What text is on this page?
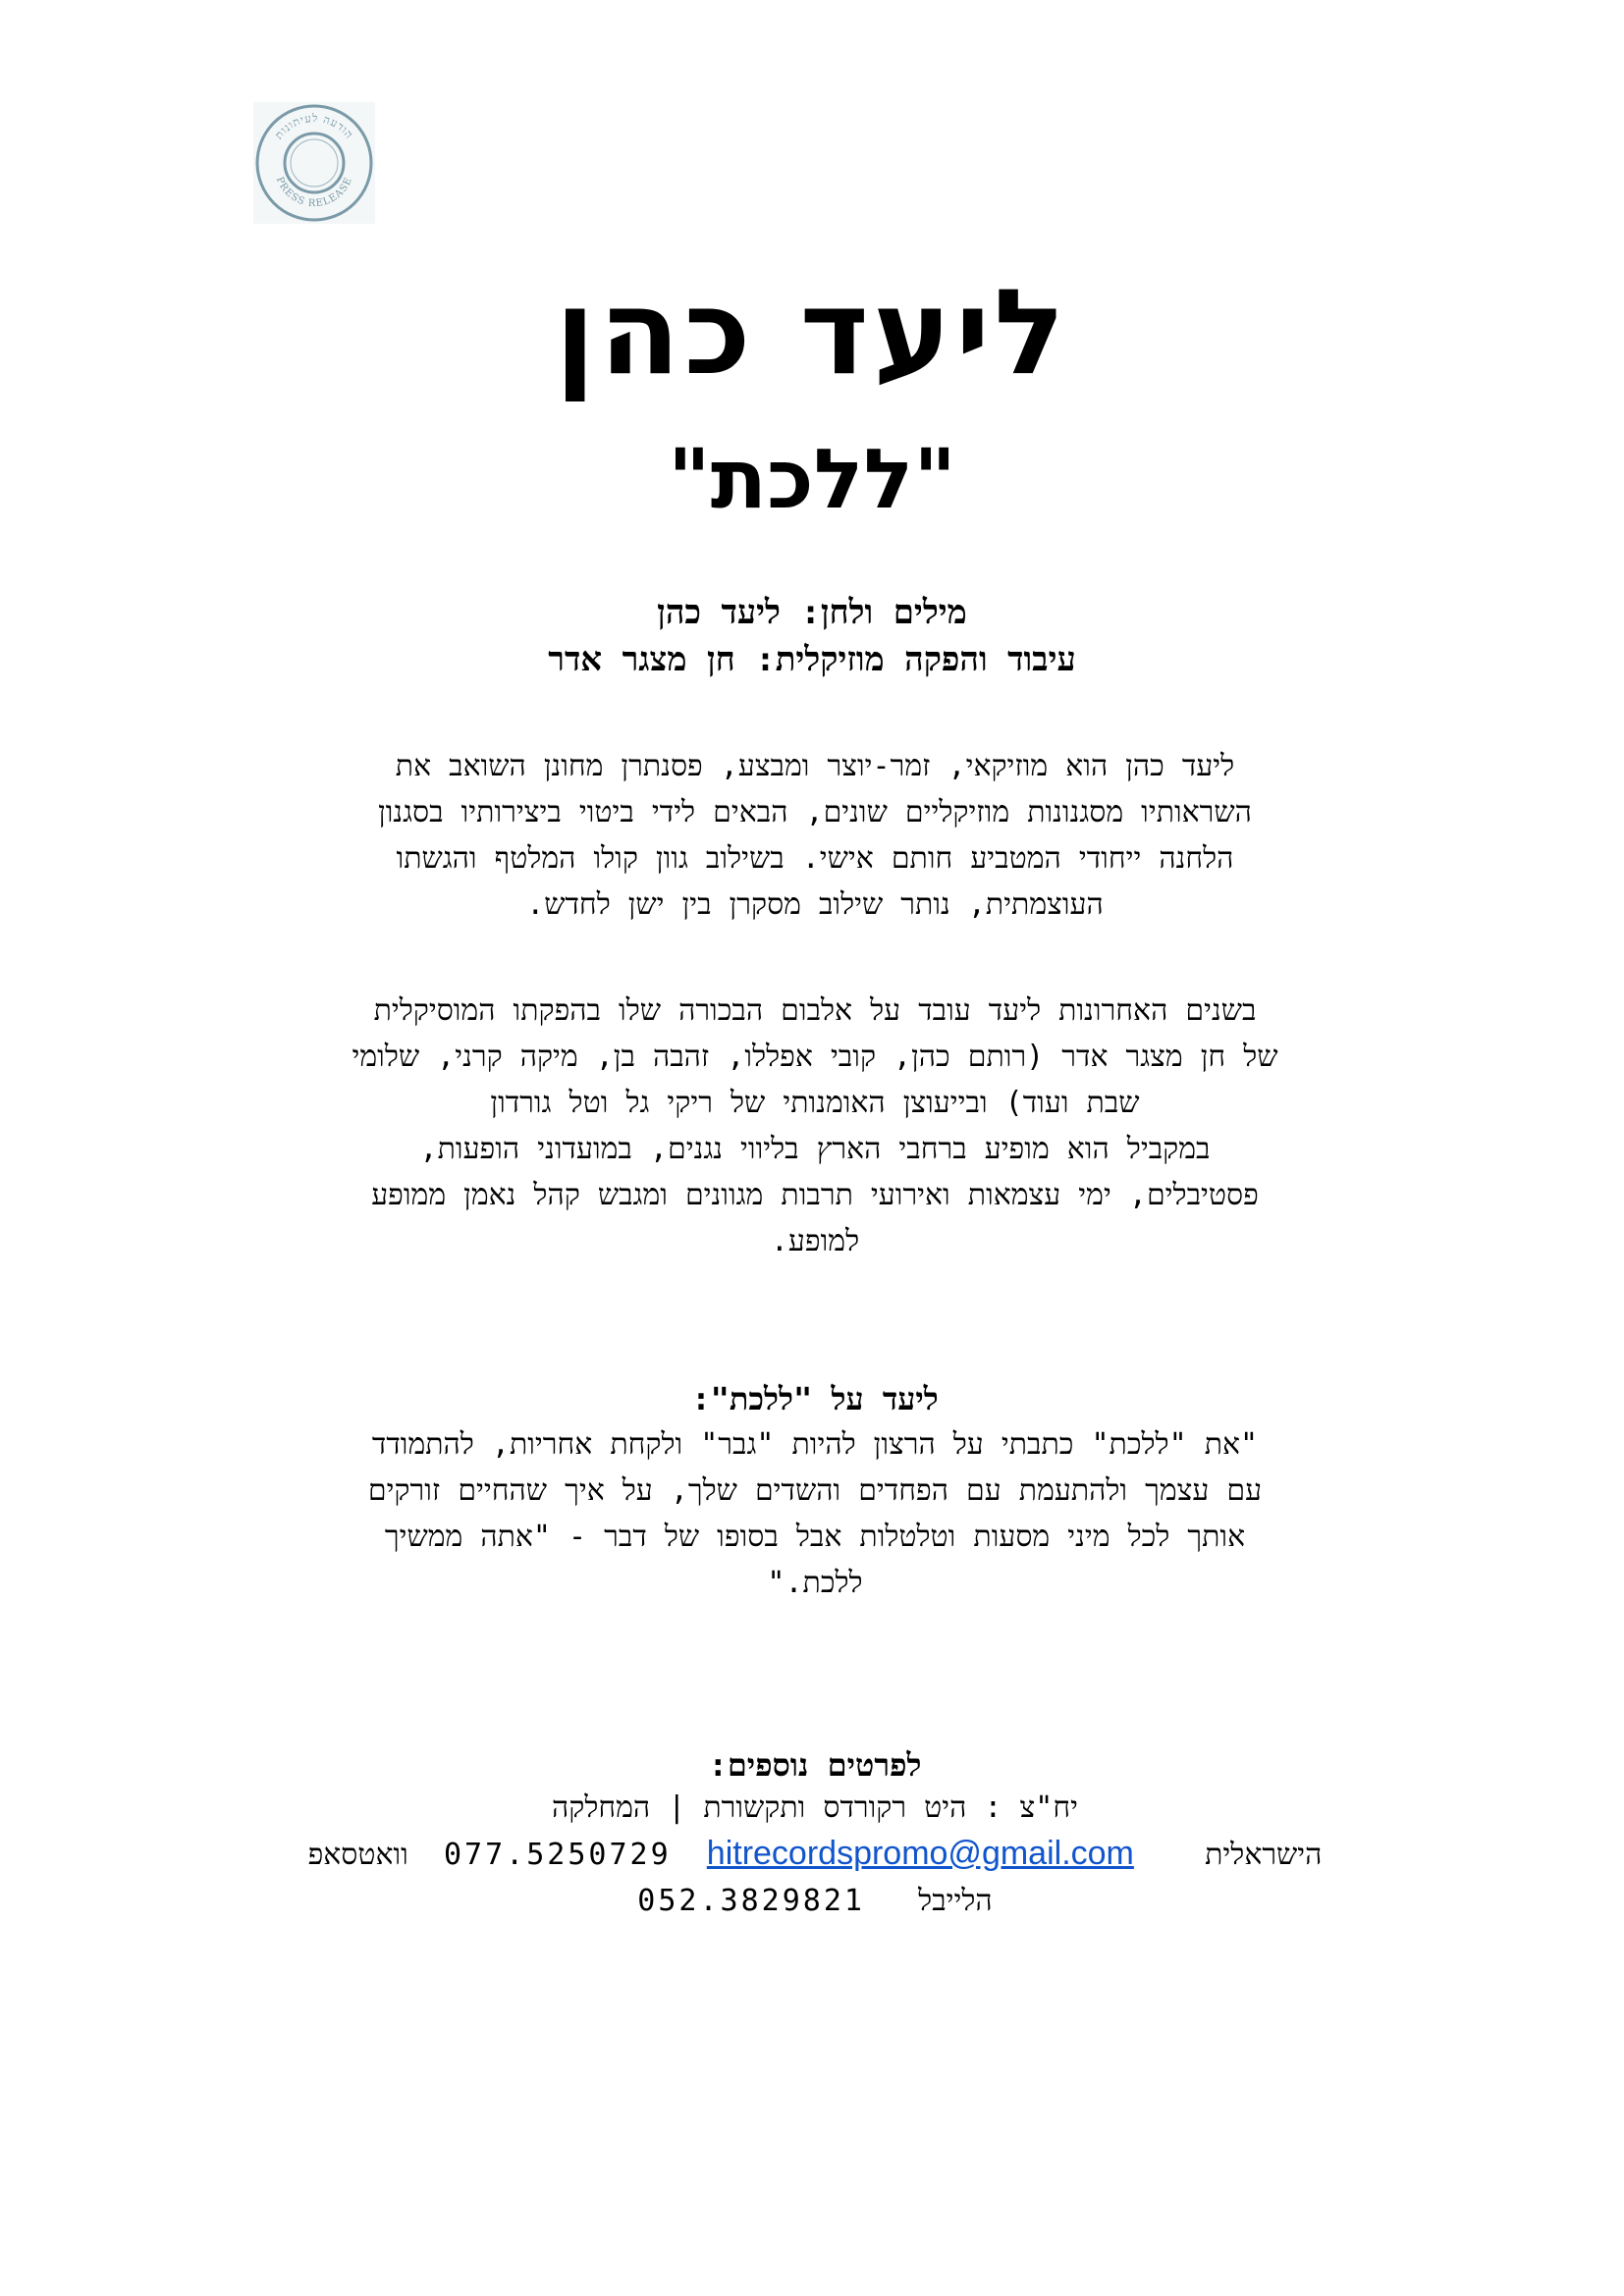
הודעה לעיתונות
PRESS RELEASE
ליעד כהן
"ללכת"
מילים ולחן: ליעד כהן
עיבוד והפקה מוזיקלית: חן מצגר אדר
ליעד כהן הוא מוזיקאי, זמר-יוצר ומבצע, פסנתרן מחונן השואב את
השראותיו מסגנונות מוזיקליים שונים, הבאים לידי ביטוי ביצירותיו בסגנון
הלחנה ייחודי המטביע חותם אישי. בשילוב גוון קולו המלטף והגשתו
העוצמתית, נותר שילוב מסקרן בין ישן לחדש.
בשנים האחרונות ליעד עובד על אלבום הבכורה שלו בהפקתו המוסיקלית
של חן מצגר אדר (רותם כהן, קובי אפללו, זהבה בן, מיקה קרני, שלומי
שבת ועוד) ובייעוצן האומנותי של ריקי גל וטל גורדון
במקביל הוא מופיע ברחבי הארץ בליווי נגנים, במועדוני הופעות,
פסטיבלים, ימי עצמאות ואירועי תרבות מגוונים ומגבש קהל נאמן ממופע
למופע.
ליעד על "ללכת":
"את "ללכת" כתבתי על הרצון להיות "גבר" ולקחת אחריות, להתמודד
עם עצמך ולהתעמת עם הפחדים והשדים שלך, על איך שהחיים זורקים
אותך לכל מיני מסעות וטלטלות אבל בסופו של דבר - "אתה ממשיך
ללכת."
לפרטים נוספים:
יח"צ : היט רקורדס ותקשורת | המחלקה
הישראלית    077.5250729 hitrecordspromo@gmail.com  וואטסאפ
הלייבל   052.3829821
